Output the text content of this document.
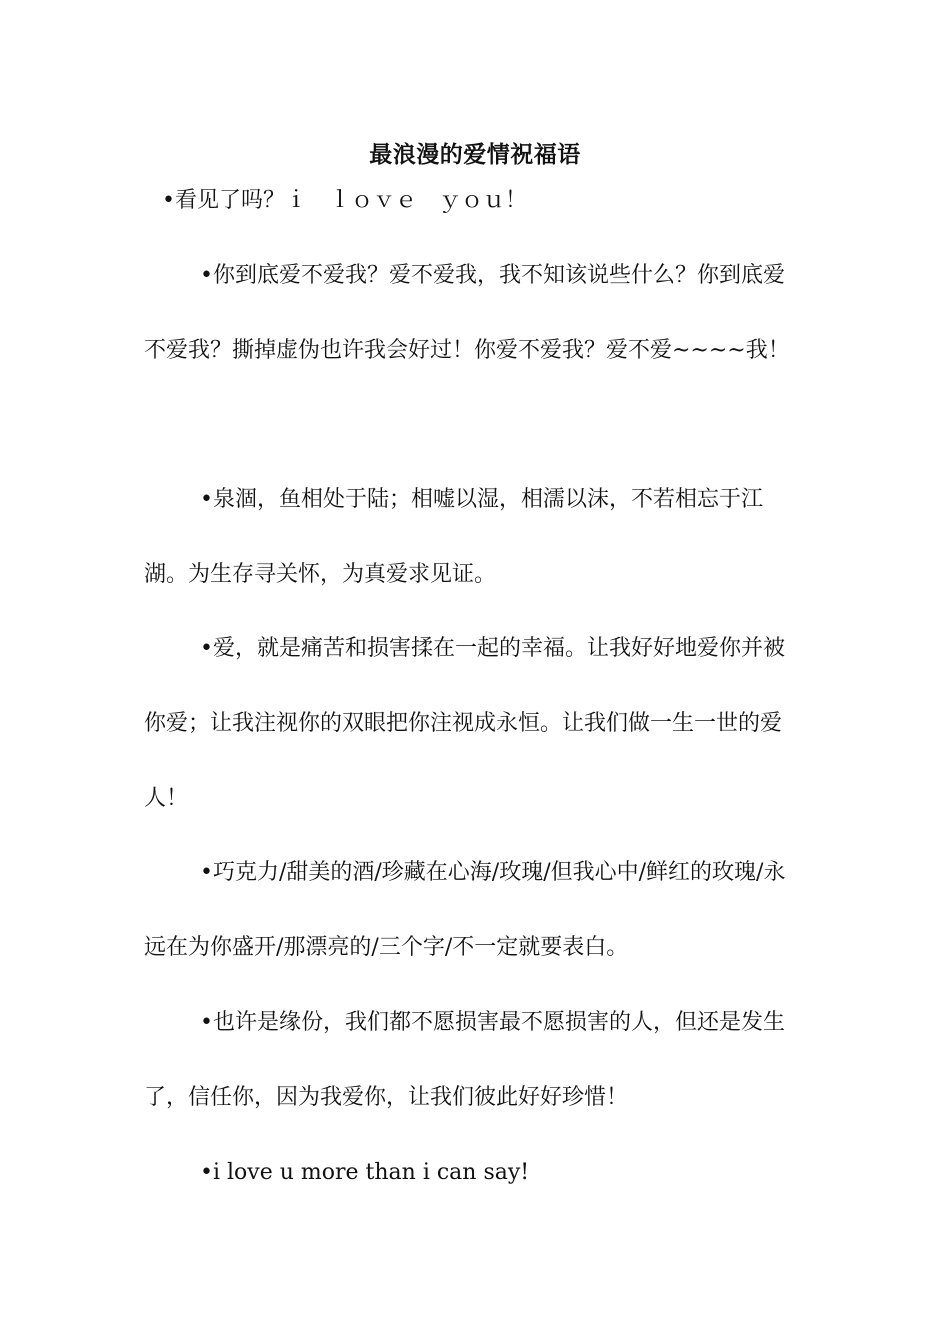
最浪漫的爱情祝福语
•看见了吗？ｉ　ｌｏｖｅ　ｙｏｕ！
•你到底爱不爱我？爱不爱我，我不知该说些什么？你到底爱不爱我？撕掉虚伪也许我会好过！你爱不爱我？爱不爱~~~~我！
•泉涸，鱼相处于陆；相嘘以湿，相濡以沫，不若相忘于江湖。为生存寻关怀，为真爱求见证。
•爱，就是痛苦和损害揉在一起的幸福。让我好好地爱你并被你爱；让我注视你的双眼把你注视成永恒。让我们做一生一世的爱人！
•巧克力/甜美的酒/珍藏在心海/玫瑰/但我心中/鲜红的玫瑰/永远在为你盛开/那漂亮的/三个字/不一定就要表白。
•也许是缘份，我们都不愿损害最不愿损害的人，但还是发生了，信任你，因为我爱你，让我们彼此好好珍惜！
•i love u more than i can say!
